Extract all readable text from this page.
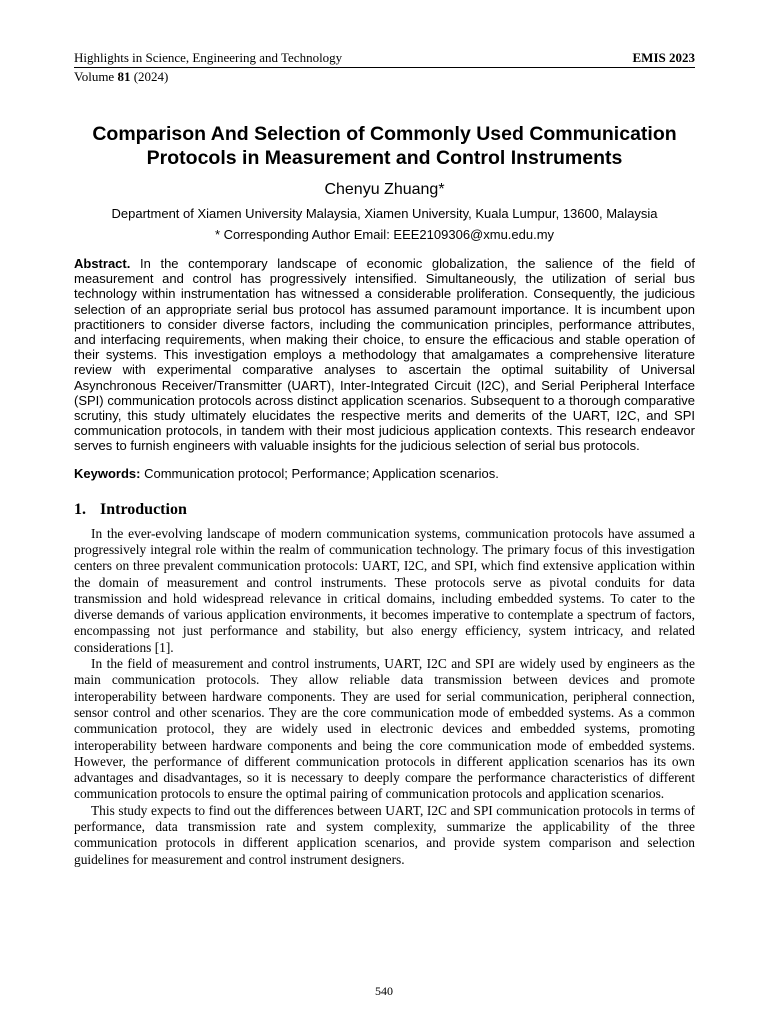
Highlights in Science, Engineering and Technology	EMIS 2023
Volume 81 (2024)
Comparison And Selection of Commonly Used Communication
Protocols in Measurement and Control Instruments
Chenyu Zhuang*
Department of Xiamen University Malaysia, Xiamen University, Kuala Lumpur, 13600, Malaysia
* Corresponding Author Email: EEE2109306@xmu.edu.my
Abstract. In the contemporary landscape of economic globalization, the salience of the field of measurement and control has progressively intensified. Simultaneously, the utilization of serial bus technology within instrumentation has witnessed a considerable proliferation. Consequently, the judicious selection of an appropriate serial bus protocol has assumed paramount importance. It is incumbent upon practitioners to consider diverse factors, including the communication principles, performance attributes, and interfacing requirements, when making their choice, to ensure the efficacious and stable operation of their systems. This investigation employs a methodology that amalgamates a comprehensive literature review with experimental comparative analyses to ascertain the optimal suitability of Universal Asynchronous Receiver/Transmitter (UART), Inter-Integrated Circuit (I2C), and Serial Peripheral Interface (SPI) communication protocols across distinct application scenarios. Subsequent to a thorough comparative scrutiny, this study ultimately elucidates the respective merits and demerits of the UART, I2C, and SPI communication protocols, in tandem with their most judicious application contexts. This research endeavor serves to furnish engineers with valuable insights for the judicious selection of serial bus protocols.
Keywords: Communication protocol; Performance; Application scenarios.
1. Introduction

In the ever-evolving landscape of modern communication systems, communication protocols have assumed a progressively integral role within the realm of communication technology. The primary focus of this investigation centers on three prevalent communication protocols: UART, I2C, and SPI, which find extensive application within the domain of measurement and control instruments. These protocols serve as pivotal conduits for data transmission and hold widespread relevance in critical domains, including embedded systems. To cater to the diverse demands of various application environments, it becomes imperative to contemplate a spectrum of factors, encompassing not just performance and stability, but also energy efficiency, system intricacy, and related considerations [1].

In the field of measurement and control instruments, UART, I2C and SPI are widely used by engineers as the main communication protocols. They allow reliable data transmission between devices and promote interoperability between hardware components. They are used for serial communication, peripheral connection, sensor control and other scenarios. They are the core communication mode of embedded systems. As a common communication protocol, they are widely used in electronic devices and embedded systems, promoting interoperability between hardware components and being the core communication mode of embedded systems. However, the performance of different communication protocols in different application scenarios has its own advantages and disadvantages, so it is necessary to deeply compare the performance characteristics of different communication protocols to ensure the optimal pairing of communication protocols and application scenarios.

This study expects to find out the differences between UART, I2C and SPI communication protocols in terms of performance, data transmission rate and system complexity, summarize the applicability of the three communication protocols in different application scenarios, and provide system comparison and selection guidelines for measurement and control instrument designers.

540
